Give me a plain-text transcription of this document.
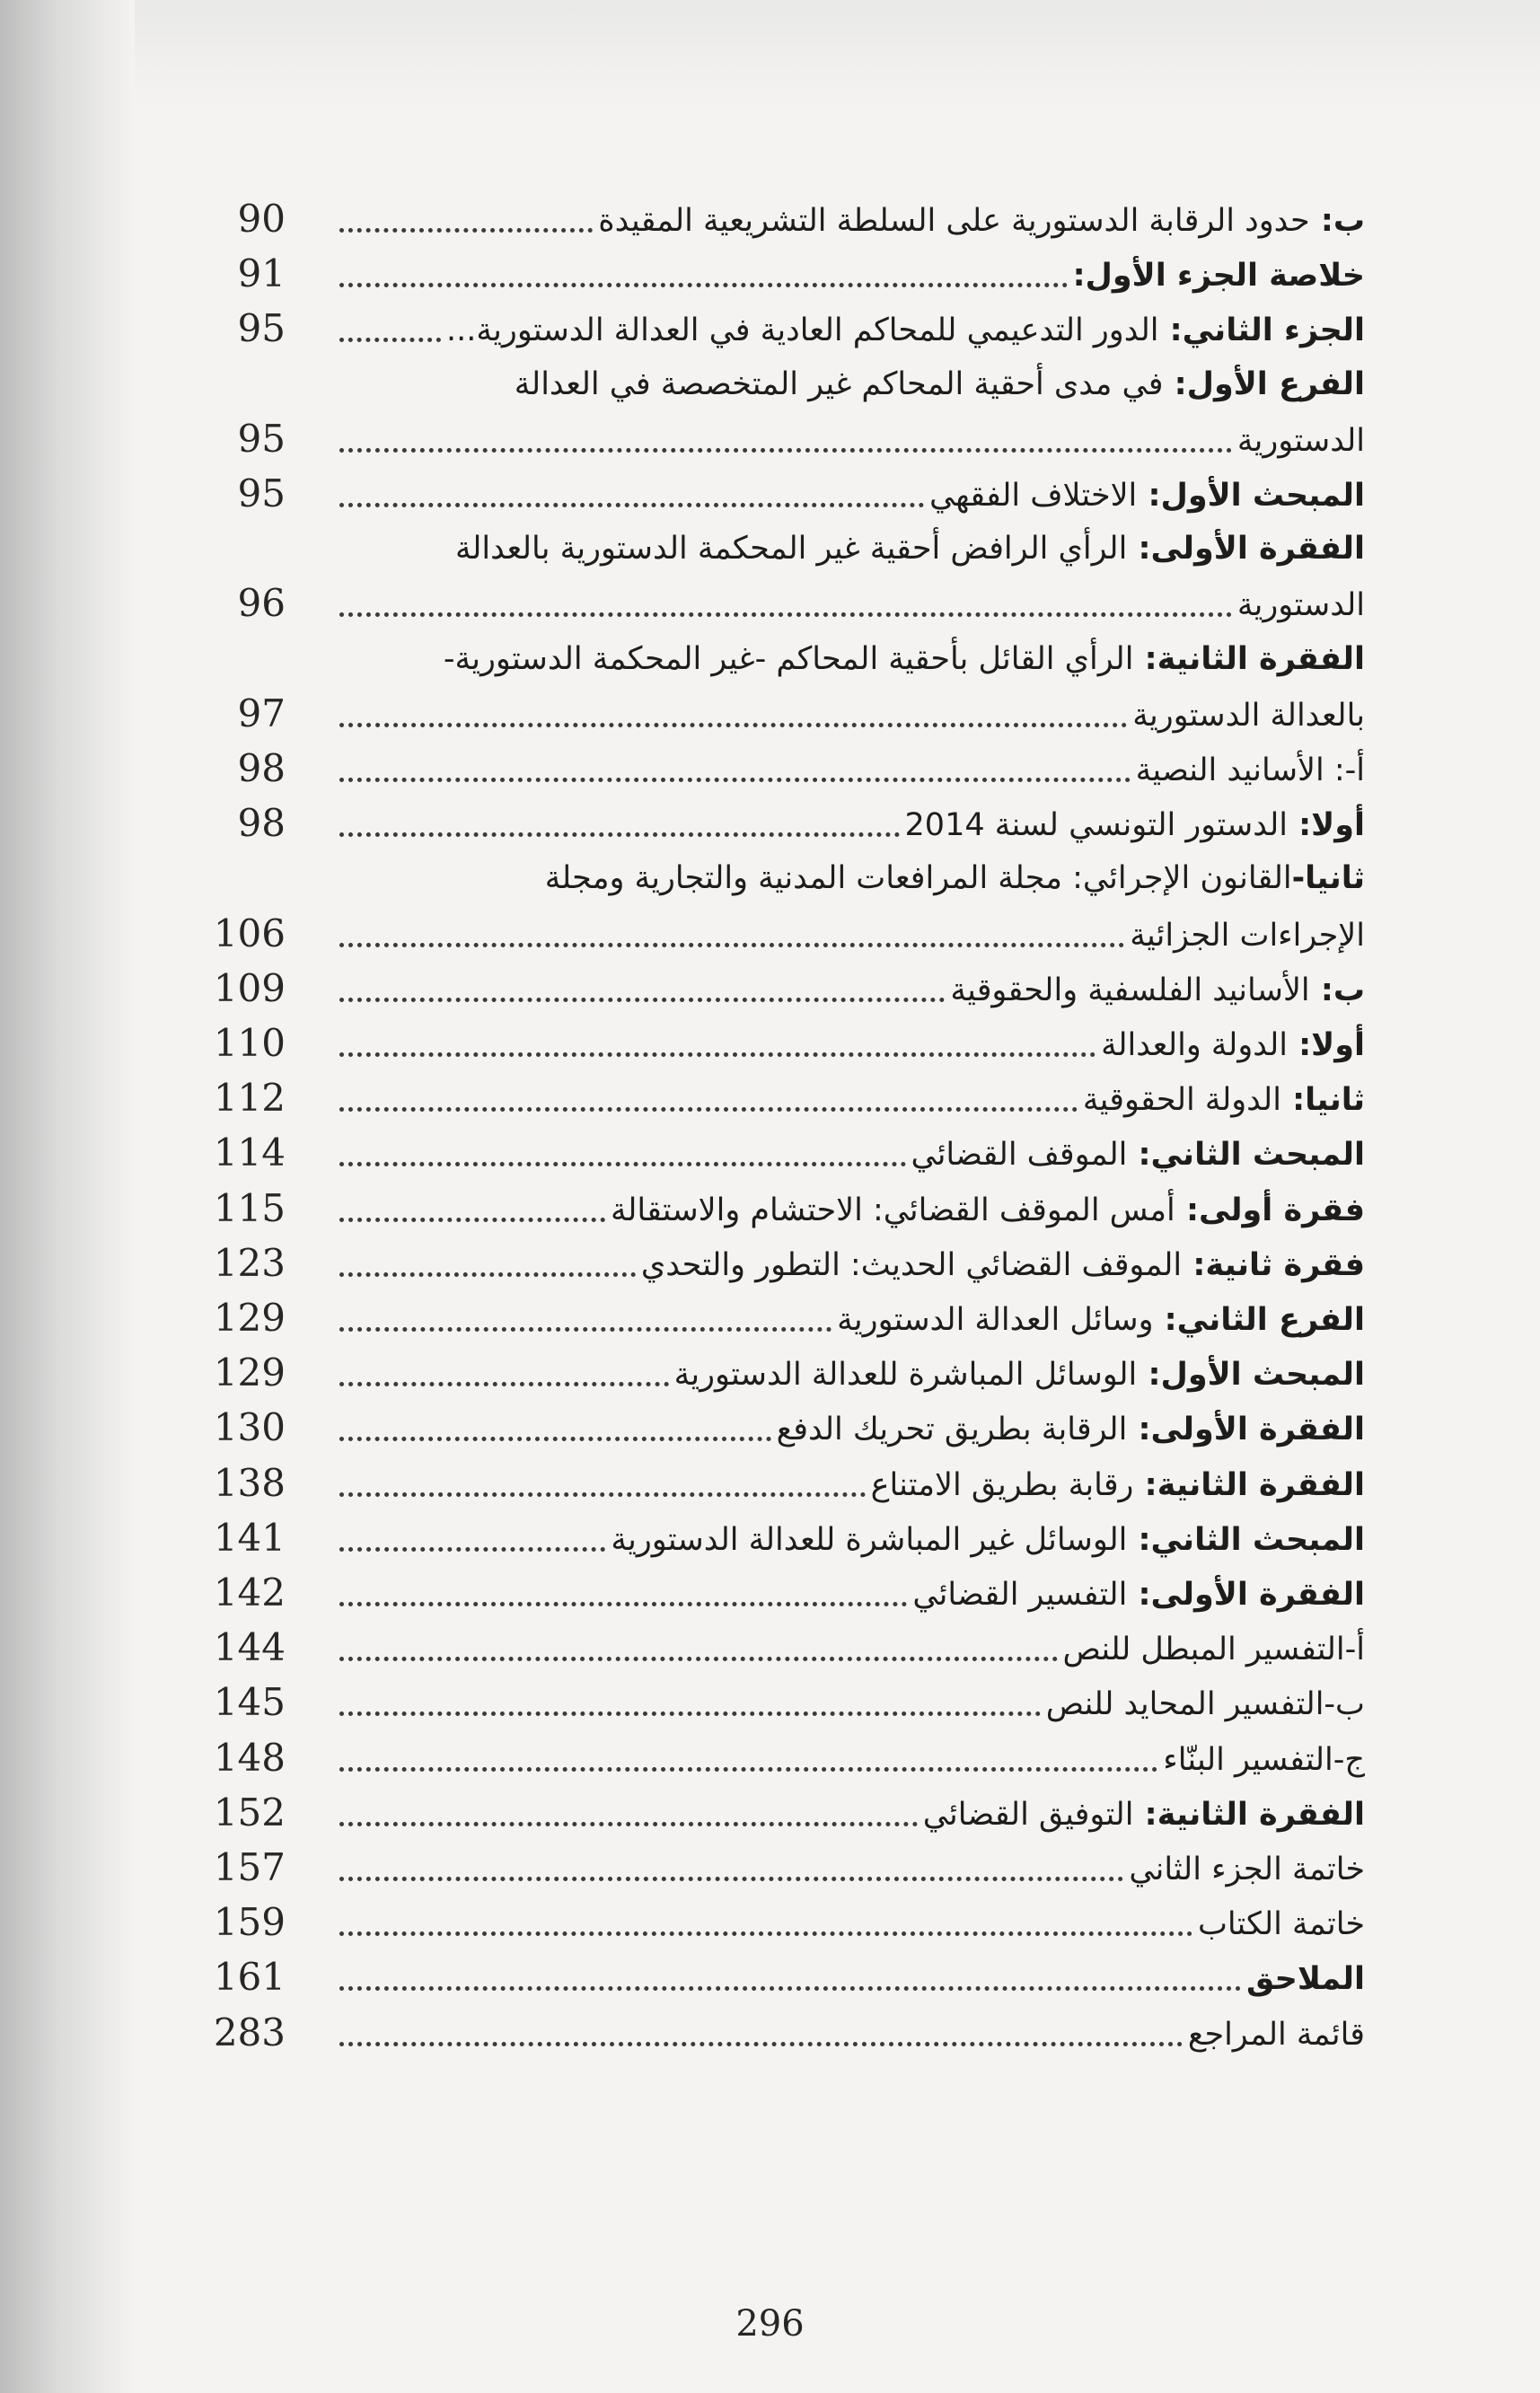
90	ب: حدود الرقابة الدستورية على السلطة التشريعية المقيدة
91	خلاصة الجزء الأول:
95	الجزء الثاني: الدور التدعيمي للمحاكم العادية في العدالة الدستورية...
الفرع الأول: في مدى أحقية المحاكم غير المتخصصة في العدالة
95	الدستورية
95	المبحث الأول: الاختلاف الفقهي
الفقرة الأولى: الرأي الرافض أحقية غير المحكمة الدستورية بالعدالة
96	الدستورية
الفقرة الثانية: الرأي القائل بأحقية المحاكم -غير المحكمة الدستورية-
97	بالعدالة الدستورية
98	أ-: الأسانيد النصية
98	أولا: الدستور التونسي لسنة 2014
ثانيا-القانون الإجرائي: مجلة المرافعات المدنية والتجارية ومجلة
106	الإجراءات الجزائية
109	ب: الأسانيد الفلسفية والحقوقية
110	أولا: الدولة والعدالة
112	ثانيا: الدولة الحقوقية
114	المبحث الثاني: الموقف القضائي
115	فقرة أولى: أمس الموقف القضائي: الاحتشام والاستقالة
123	فقرة ثانية: الموقف القضائي الحديث: التطور والتحدي
129	الفرع الثاني: وسائل العدالة الدستورية
129	المبحث الأول: الوسائل المباشرة للعدالة الدستورية
130	الفقرة الأولى: الرقابة بطريق تحريك الدفع
138	الفقرة الثانية: رقابة بطريق الامتناع
141	المبحث الثاني: الوسائل غير المباشرة للعدالة الدستورية
142	الفقرة الأولى: التفسير القضائي
144	أ-التفسير المبطل للنص
145	ب-التفسير المحايد للنص
148	ج-التفسير البنّاء
152	الفقرة الثانية: التوفيق القضائي
157	خاتمة الجزء الثاني
159	خاتمة الكتاب
161	الملاحق
283	قائمة المراجع
296
